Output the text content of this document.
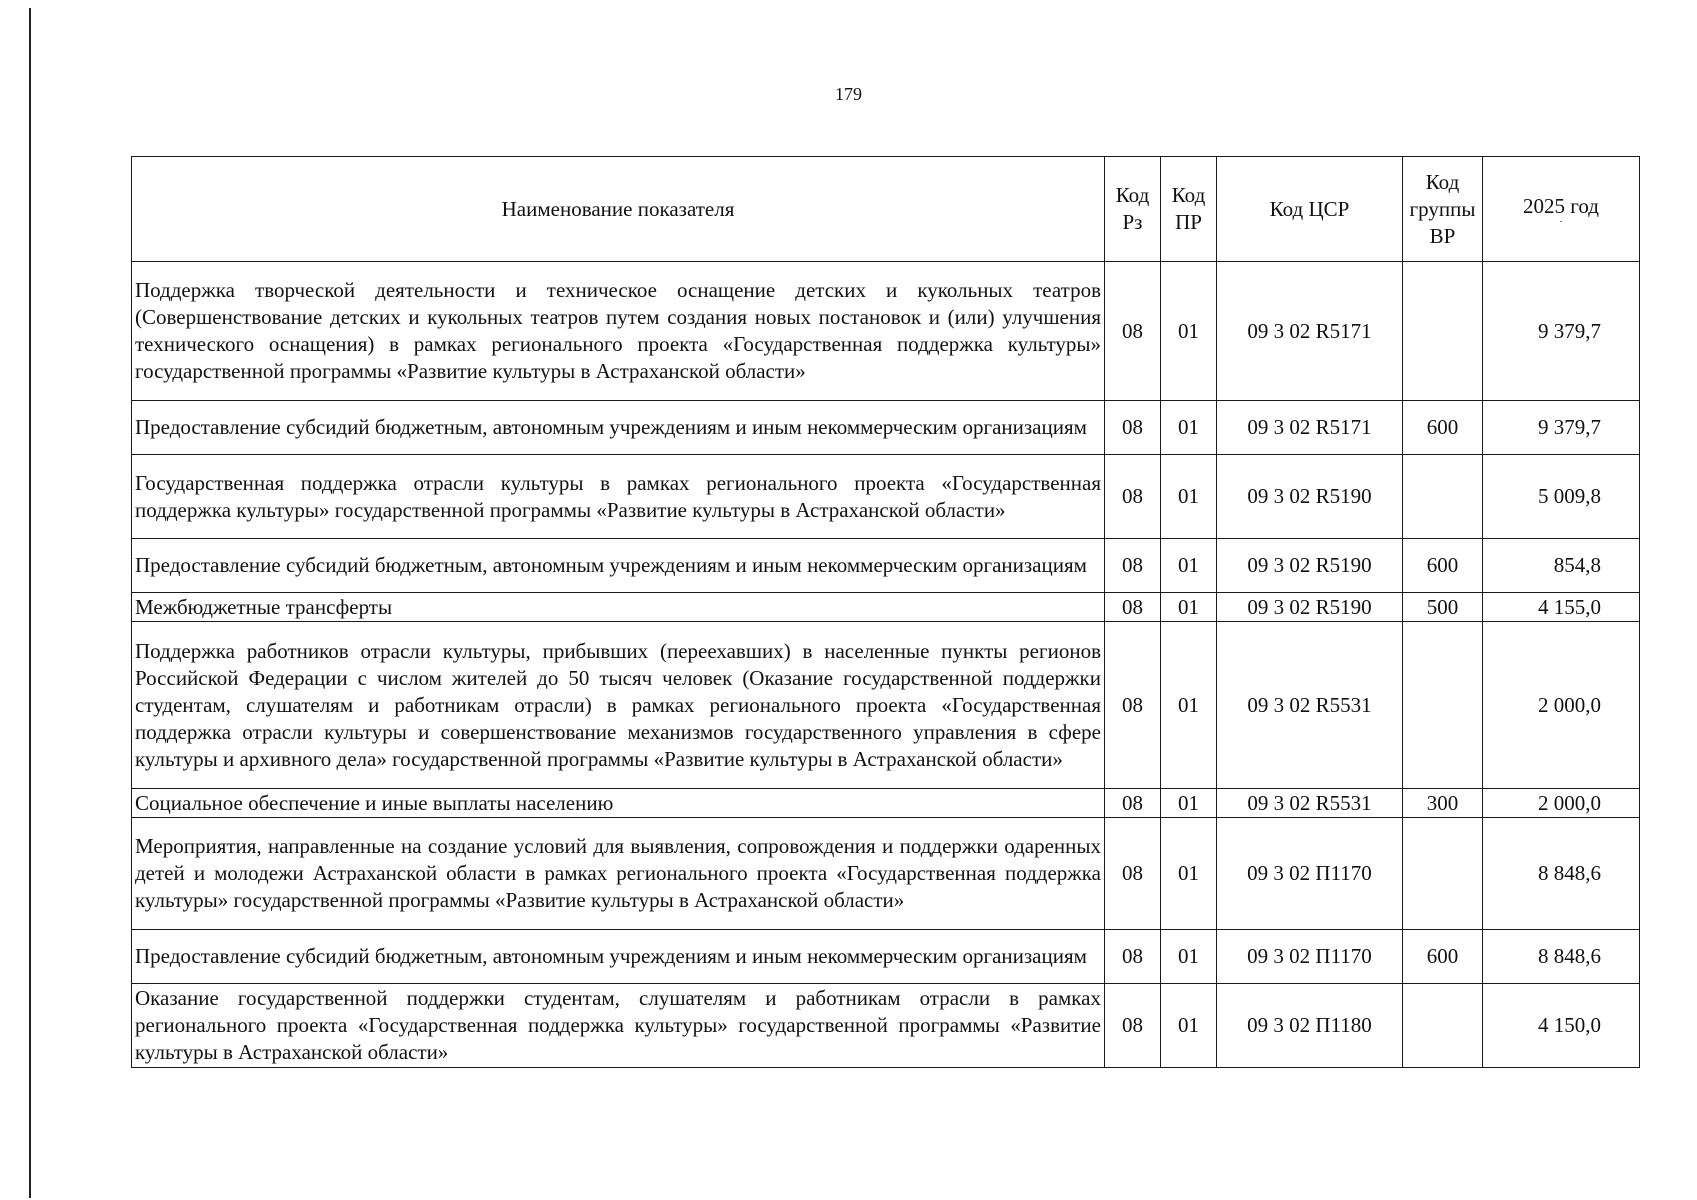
179
Наименование показателя	Код Рз	Код ПР	Код ЦСР	Код группы ВР	2025 год
·

Поддержка творческой деятельности и техническое оснащение детских и кукольных театров (Совершенствование детских и кукольных театров путем создания новых постановок и (или) улучшения технического оснащения) в рамках регионального проекта «Государственная поддержка культуры» государственной программы «Развитие культуры в Астраханской области»	08	01	09 3 02 R5171		9 379,7
Предоставление субсидий бюджетным, автономным учреждениям и иным некоммерческим организациям	08	01	09 3 02 R5171	600	9 379,7
Государственная поддержка отрасли культуры в рамках регионального проекта «Государственная поддержка культуры» государственной программы «Развитие культуры в Астраханской области»	08	01	09 3 02 R5190		5 009,8
Предоставление субсидий бюджетным, автономным учреждениям и иным некоммерческим организациям	08	01	09 3 02 R5190	600	854,8
Межбюджетные трансферты	08	01	09 3 02 R5190	500	4 155,0
Поддержка работников отрасли культуры, прибывших (переехавших) в населенные пункты регионов Российской Федерации с числом жителей до 50 тысяч человек (Оказание государственной поддержки студентам, слушателям и работникам отрасли) в рамках регионального проекта «Государственная поддержка отрасли культуры и совершенствование механизмов государственного управления в сфере культуры и архивного дела» государственной программы «Развитие культуры в Астраханской области»	08	01	09 3 02 R5531		2 000,0
Социальное обеспечение и иные выплаты населению	08	01	09 3 02 R5531	300	2 000,0
Мероприятия, направленные на создание условий для выявления, сопровождения и поддержки одаренных детей и молодежи Астраханской области в рамках регионального проекта «Государственная поддержка культуры» государственной программы «Развитие культуры в Астраханской области»	08	01	09 3 02 П1170		8 848,6
Предоставление субсидий бюджетным, автономным учреждениям и иным некоммерческим организациям	08	01	09 3 02 П1170	600	8 848,6
Оказание государственной поддержки студентам, слушателям и работникам отрасли в рамках регионального проекта «Государственная поддержка культуры» государственной программы «Развитие культуры в Астраханской области»	08	01	09 3 02 П1180		4 150,0
